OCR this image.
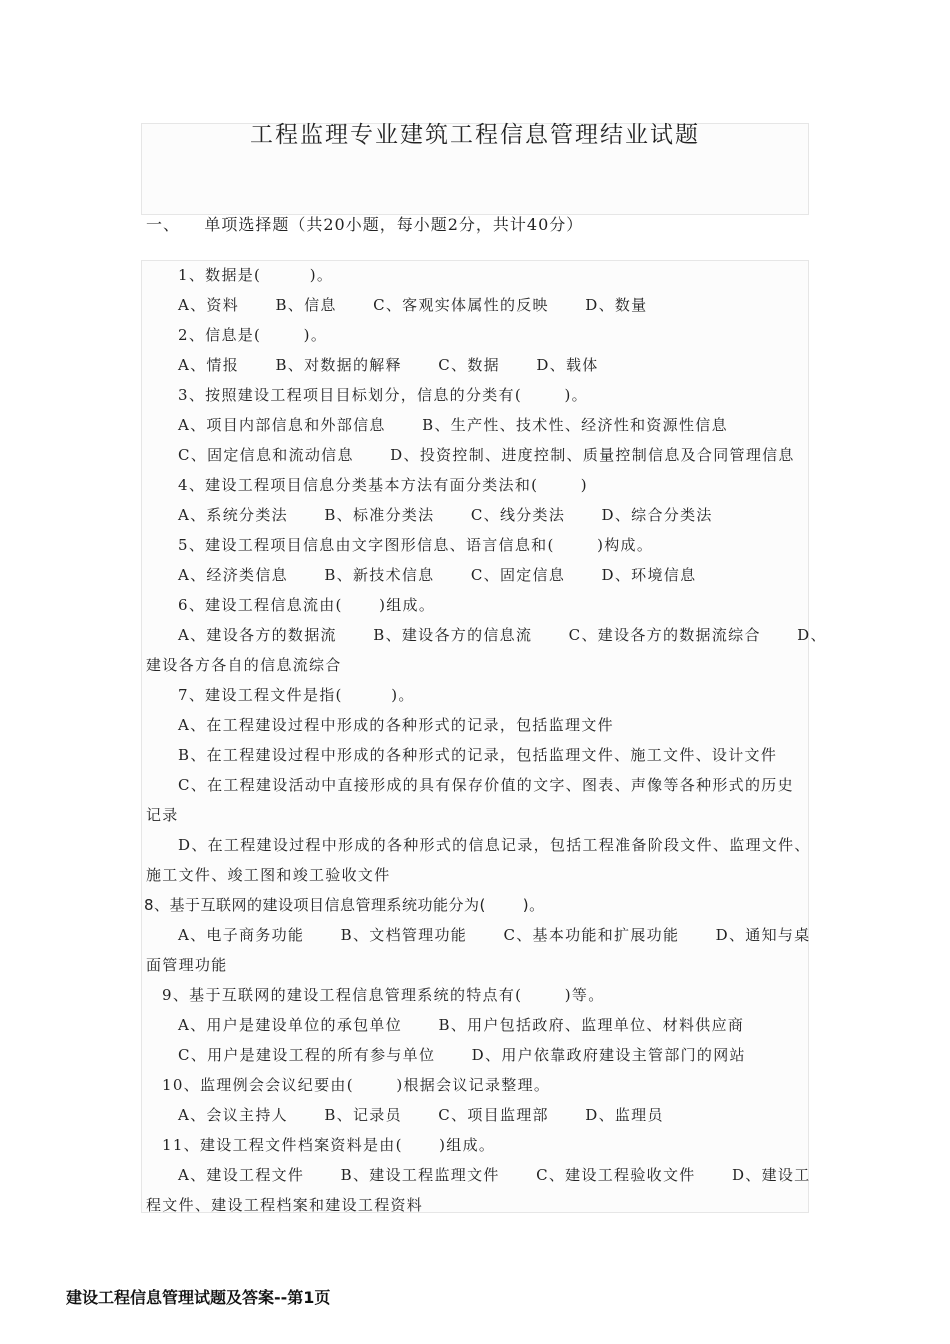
工程监理专业建筑工程信息管理结业试题
一、    单项选择题（共20小题，每小题2分，共计40分）
1、数据是(        )。
A、资料      B、信息      C、客观实体属性的反映      D、数量
2、信息是(       )。
A、情报      B、对数据的解释      C、数据      D、载体
3、按照建设工程项目目标划分，信息的分类有(       )。
A、项目内部信息和外部信息      B、生产性、技术性、经济性和资源性信息
C、固定信息和流动信息      D、投资控制、进度控制、质量控制信息及合同管理信息
4、建设工程项目信息分类基本方法有面分类法和(       )
A、系统分类法      B、标准分类法      C、线分类法      D、综合分类法
5、建设工程项目信息由文字图形信息、语言信息和(       )构成。
A、经济类信息      B、新技术信息      C、固定信息      D、环境信息
6、建设工程信息流由(      )组成。
A、建设各方的数据流      B、建设各方的信息流      C、建设各方的数据流综合      D、
建设各方各自的信息流综合
7、建设工程文件是指(        )。
A、在工程建设过程中形成的各种形式的记录，包括监理文件
B、在工程建设过程中形成的各种形式的记录，包括监理文件、施工文件、设计文件
C、在工程建设活动中直接形成的具有保存价值的文字、图表、声像等各种形式的历史
记录
D、在工程建设过程中形成的各种形式的信息记录，包括工程准备阶段文件、监理文件、
施工文件、竣工图和竣工验收文件
8、基于互联网的建设项目信息管理系统功能分为(       )。
A、电子商务功能      B、文档管理功能      C、基本功能和扩展功能      D、通知与桌
面管理功能
9、基于互联网的建设工程信息管理系统的特点有(       )等。
A、用户是建设单位的承包单位      B、用户包括政府、监理单位、材料供应商
C、用户是建设工程的所有参与单位      D、用户依靠政府建设主管部门的网站
10、监理例会会议纪要由(       )根据会议记录整理。
A、会议主持人      B、记录员      C、项目监理部      D、监理员
11、建设工程文件档案资料是由(      )组成。
A、建设工程文件      B、建设工程监理文件      C、建设工程验收文件      D、建设工
程文件、建设工程档案和建设工程资料
建设工程信息管理试题及答案--第1页
